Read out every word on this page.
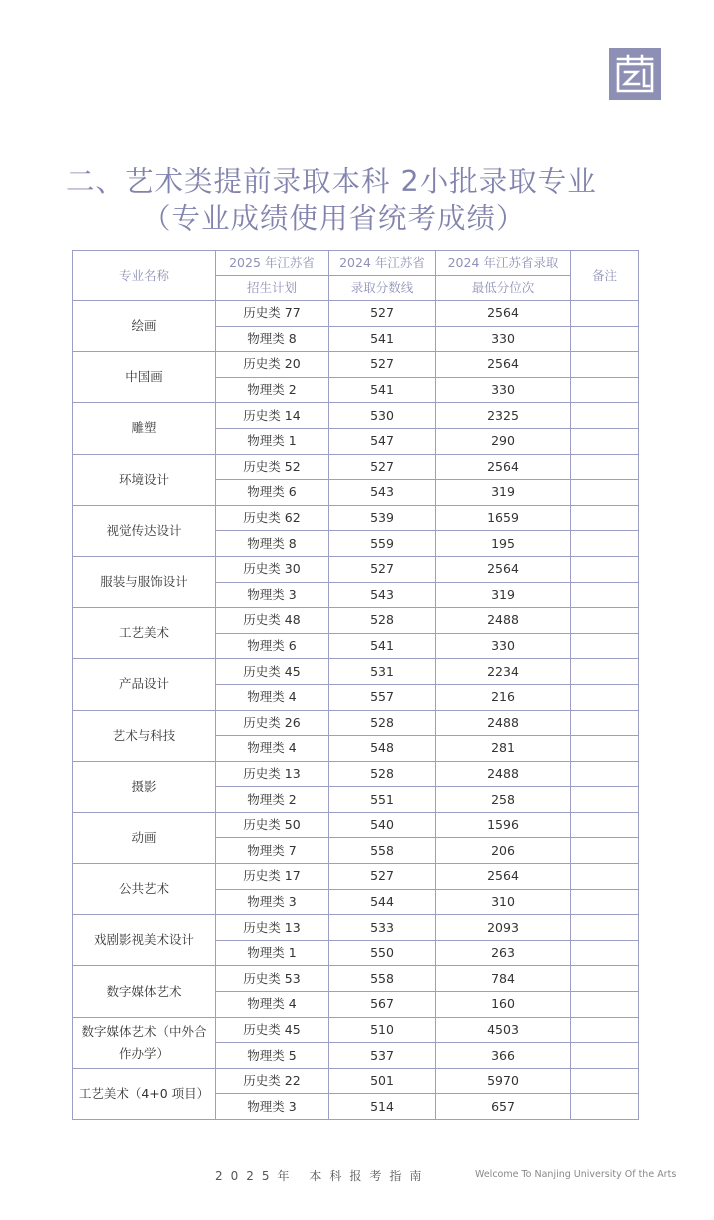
二、艺术类提前录取本科 2小批录取专业
（专业成绩使用省统考成绩）
专业名称	2025 年江苏省	2024 年江苏省	2024 年江苏省录取	备注
	招生计划	录取分数线	最低分位次	
绘画	历史类 77	527	2564	
	物理类 8	541	330	
中国画	历史类 20	527	2564	
	物理类 2	541	330	
雕塑	历史类 14	530	2325	
	物理类 1	547	290	
环境设计	历史类 52	527	2564	
	物理类 6	543	319	
视觉传达设计	历史类 62	539	1659	
	物理类 8	559	195	
服装与服饰设计	历史类 30	527	2564	
	物理类 3	543	319	
工艺美术	历史类 48	528	2488	
	物理类 6	541	330	
产品设计	历史类 45	531	2234	
	物理类 4	557	216	
艺术与科技	历史类 26	528	2488	
	物理类 4	548	281	
摄影	历史类 13	528	2488	
	物理类 2	551	258	
动画	历史类 50	540	1596	
	物理类 7	558	206	
公共艺术	历史类 17	527	2564	
	物理类 3	544	310	
戏剧影视美术设计	历史类 13	533	2093	
	物理类 1	550	263	
数字媒体艺术	历史类 53	558	784	
	物理类 4	567	160	
数字媒体艺术（中外合作办学）	历史类 45	510	4503	
	物理类 5	537	366	
工艺美术（4+0 项目）	历史类 22	501	5970	
	物理类 3	514	657	
2025年 本科报考指南	Welcome To Nanjing University Of the Arts
